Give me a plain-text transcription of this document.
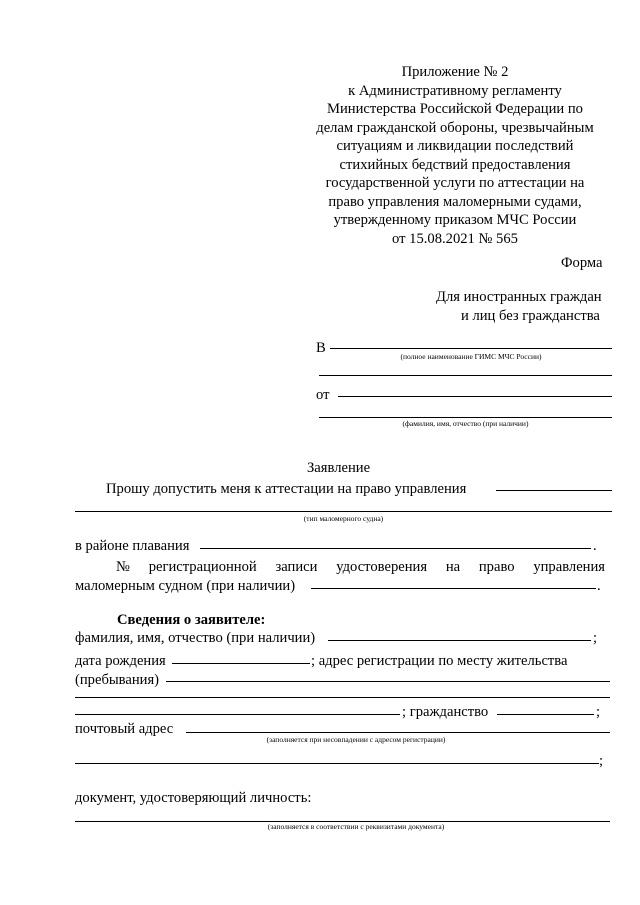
Приложение № 2
к Административному регламенту
Министерства Российской Федерации по
делам гражданской обороны, чрезвычайным
ситуациям и ликвидации последствий
стихийных бедствий предоставления
государственной услуги по аттестации на
право управления маломерными судами,
утвержденному приказом МЧС России
от 15.08.2021 № 565
Форма
Для иностранных граждан
и лиц без гражданства
В
(полное наименование ГИМС МЧС России)
от
(фамилия, имя, отчество (при наличии)
Заявление
Прошу допустить меня к аттестации на право управления
(тип маломерного судна)
в районе плавания	.
№ регистрационной записи удостоверения на право управления
маломерным судном (при наличии)	.
Сведения о заявителе:
фамилия, имя, отчество (при наличии)	;
дата рождения	; адрес регистрации по месту жительства
(пребывания)
; гражданство	;
почтовый адрес
(заполняется при несовпадении с адресом регистрации)
;
документ, удостоверяющий личность:
(заполняется в соответствии с реквизитами документа)
